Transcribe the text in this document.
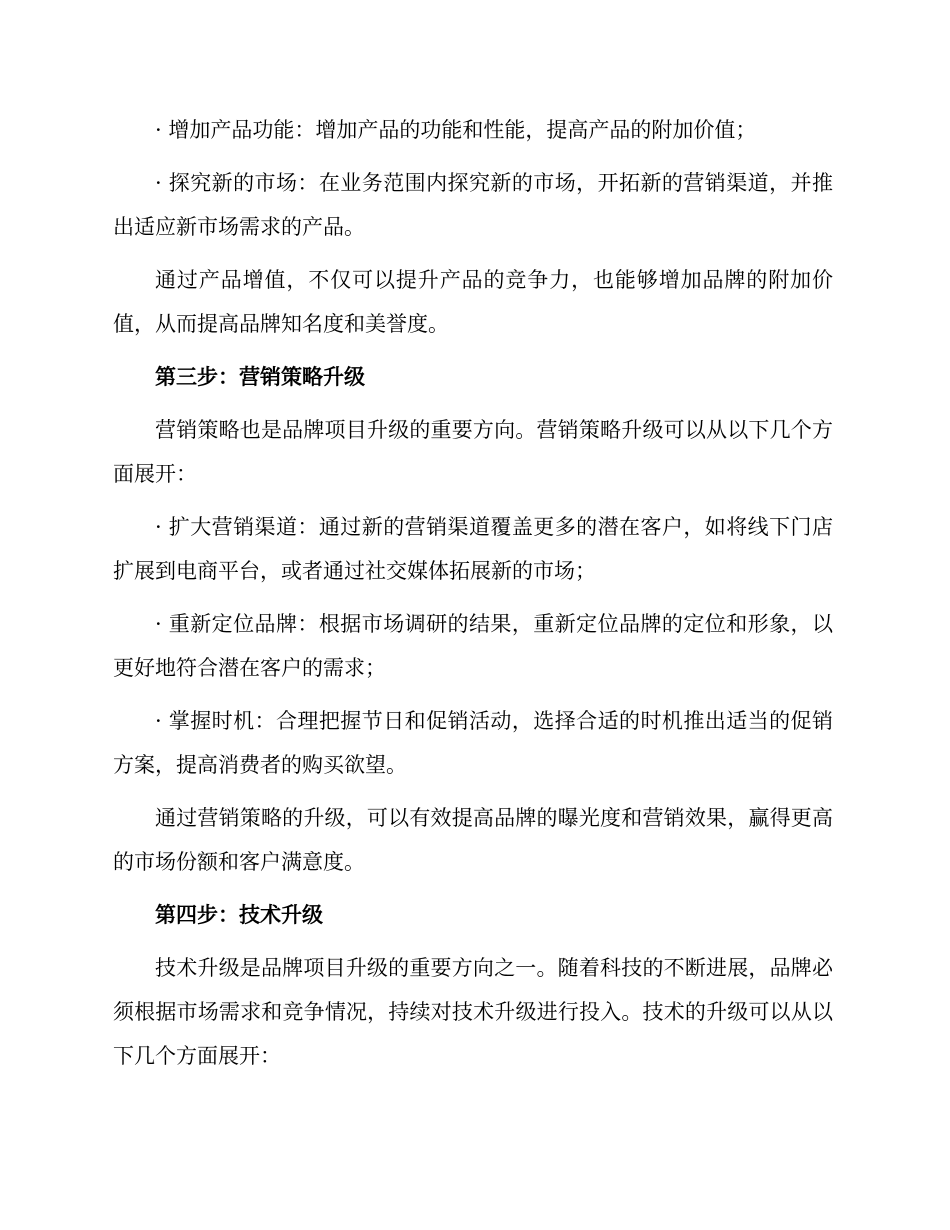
· 增加产品功能：增加产品的功能和性能，提高产品的附加价值；

· 探究新的市场：在业务范围内探究新的市场，开拓新的营销渠道，并推出适应新市场需求的产品。

通过产品增值，不仅可以提升产品的竞争力，也能够增加品牌的附加价值，从而提高品牌知名度和美誉度。

第三步：营销策略升级

营销策略也是品牌项目升级的重要方向。营销策略升级可以从以下几个方面展开：

· 扩大营销渠道：通过新的营销渠道覆盖更多的潜在客户，如将线下门店扩展到电商平台，或者通过社交媒体拓展新的市场；

· 重新定位品牌：根据市场调研的结果，重新定位品牌的定位和形象，以更好地符合潜在客户的需求；

· 掌握时机：合理把握节日和促销活动，选择合适的时机推出适当的促销方案，提高消费者的购买欲望。

通过营销策略的升级，可以有效提高品牌的曝光度和营销效果，赢得更高的市场份额和客户满意度。

第四步：技术升级

技术升级是品牌项目升级的重要方向之一。随着科技的不断进展，品牌必须根据市场需求和竞争情况，持续对技术升级进行投入。技术的升级可以从以下几个方面展开：
